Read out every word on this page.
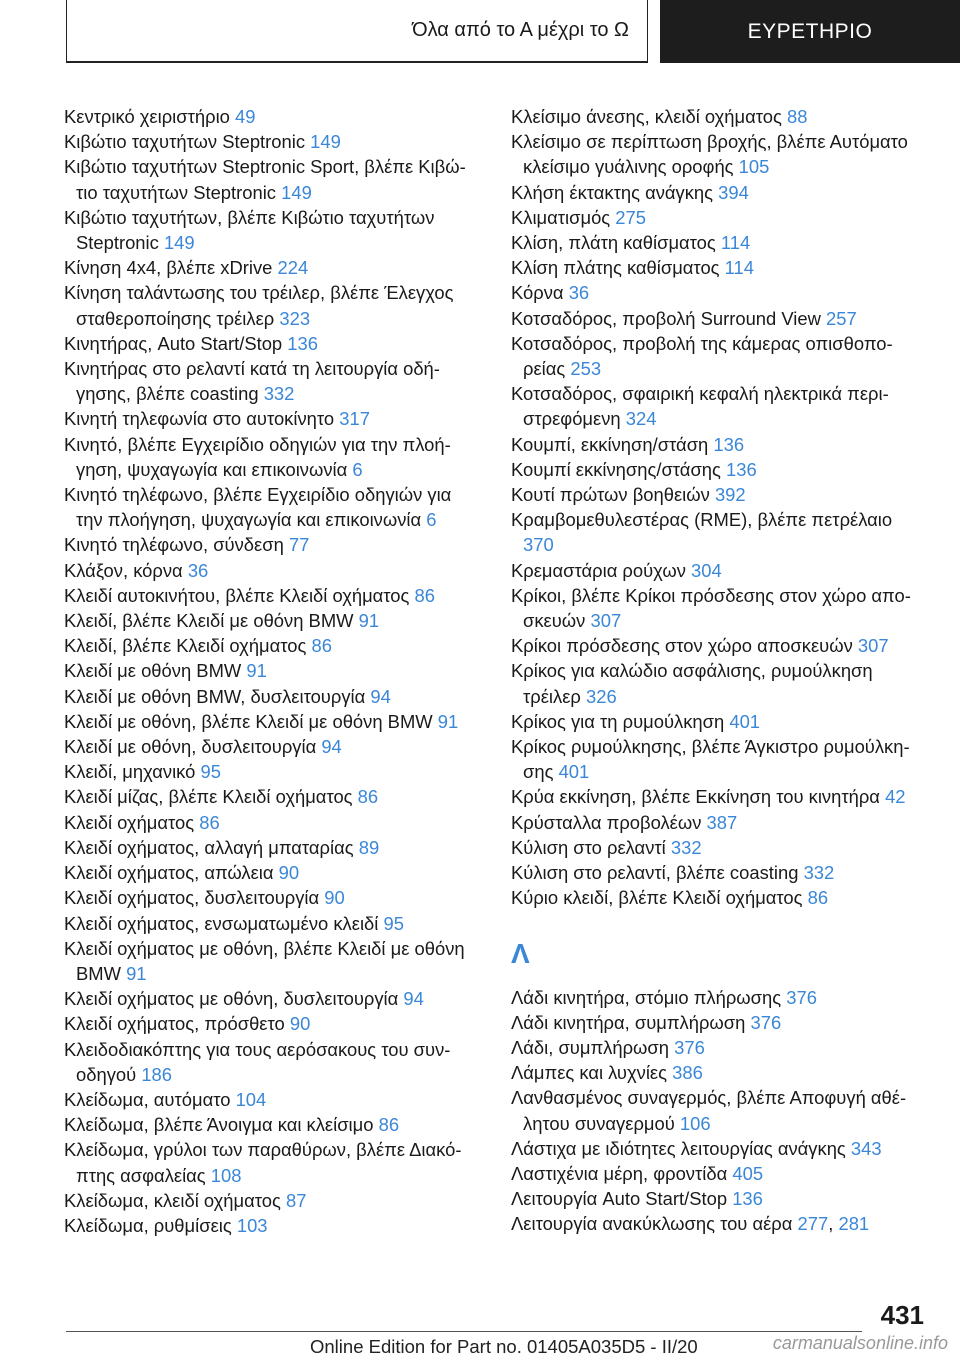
Όλα από το Α μέχρι το Ω	ΕΥΡΕΤΗΡΙΟ
Κεντρικό χειριστήριο 49
Κιβώτιο ταχυτήτων Steptronic 149
Κιβώτιο ταχυτήτων Steptronic Sport, βλέπε Κιβώτιο ταχυτήτων Steptronic 149
Κιβώτιο ταχυτήτων, βλέπε Κιβώτιο ταχυτήτων Steptronic 149
Κίνηση 4x4, βλέπε xDrive 224
Κίνηση ταλάντωσης του τρέιλερ, βλέπε Έλεγχος σταθεροποίησης τρέιλερ 323
Κινητήρας, Auto Start/Stop 136
Κινητήρας στο ρελαντί κατά τη λειτουργία οδήγησης, βλέπε coasting 332
Κινητή τηλεφωνία στο αυτοκίνητο 317
Κινητό, βλέπε Εγχειρίδιο οδηγιών για την πλοήγηση, ψυχαγωγία και επικοινωνία 6
Κινητό τηλέφωνο, βλέπε Εγχειρίδιο οδηγιών για την πλοήγηση, ψυχαγωγία και επικοινωνία 6
Κινητό τηλέφωνο, σύνδεση 77
Κλάξον, κόρνα 36
Κλειδί αυτοκινήτου, βλέπε Κλειδί οχήματος 86
Κλειδί, βλέπε Κλειδί με οθόνη BMW 91
Κλειδί, βλέπε Κλειδί οχήματος 86
Κλειδί με οθόνη BMW 91
Κλειδί με οθόνη BMW, δυσλειτουργία 94
Κλειδί με οθόνη, βλέπε Κλειδί με οθόνη BMW 91
Κλειδί με οθόνη, δυσλειτουργία 94
Κλειδί, μηχανικό 95
Κλειδί μίζας, βλέπε Κλειδί οχήματος 86
Κλειδί οχήματος 86
Κλειδί οχήματος, αλλαγή μπαταρίας 89
Κλειδί οχήματος, απώλεια 90
Κλειδί οχήματος, δυσλειτουργία 90
Κλειδί οχήματος, ενσωματωμένο κλειδί 95
Κλειδί οχήματος με οθόνη, βλέπε Κλειδί με οθόνη BMW 91
Κλειδί οχήματος με οθόνη, δυσλειτουργία 94
Κλειδί οχήματος, πρόσθετο 90
Κλειδοδιακόπτης για τους αερόσακους του συνοδηγού 186
Κλείδωμα, αυτόματο 104
Κλείδωμα, βλέπε Άνοιγμα και κλείσιμο 86
Κλείδωμα, γρύλοι των παραθύρων, βλέπε Διακόπτης ασφαλείας 108
Κλείδωμα, κλειδί οχήματος 87
Κλείδωμα, ρυθμίσεις 103
Κλείσιμο άνεσης, κλειδί οχήματος 88
Κλείσιμο σε περίπτωση βροχής, βλέπε Αυτόματο κλείσιμο γυάλινης οροφής 105
Κλήση έκτακτης ανάγκης 394
Κλιματισμός 275
Κλίση, πλάτη καθίσματος 114
Κλίση πλάτης καθίσματος 114
Κόρνα 36
Κοτσαδόρος, προβολή Surround View 257
Κοτσαδόρος, προβολή της κάμερας οπισθοπορείας 253
Κοτσαδόρος, σφαιρική κεφαλή ηλεκτρικά περιστρεφόμενη 324
Κουμπί, εκκίνηση/στάση 136
Κουμπί εκκίνησης/στάσης 136
Κουτί πρώτων βοηθειών 392
Κραμβομεθυλεστέρας (RME), βλέπε πετρέλαιο 370
Κρεμαστάρια ρούχων 304
Κρίκοι, βλέπε Κρίκοι πρόσδεσης στον χώρο αποσκευών 307
Κρίκοι πρόσδεσης στον χώρο αποσκευών 307
Κρίκος για καλώδιο ασφάλισης, ρυμούλκηση τρέιλερ 326
Κρίκος για τη ρυμούλκηση 401
Κρίκος ρυμούλκησης, βλέπε Άγκιστρο ρυμούλκησης 401
Κρύα εκκίνηση, βλέπε Εκκίνηση του κινητήρα 42
Κρύσταλλα προβολέων 387
Κύλιση στο ρελαντί 332
Κύλιση στο ρελαντί, βλέπε coasting 332
Κύριο κλειδί, βλέπε Κλειδί οχήματος 86
Λ
Λάδι κινητήρα, στόμιο πλήρωσης 376
Λάδι κινητήρα, συμπλήρωση 376
Λάδι, συμπλήρωση 376
Λάμπες και λυχνίες 386
Λανθασμένος συναγερμός, βλέπε Αποφυγή αθέλητου συναγερμού 106
Λάστιχα με ιδιότητες λειτουργίας ανάγκης 343
Λαστιχένια μέρη, φροντίδα 405
Λειτουργία Auto Start/Stop 136
Λειτουργία ανακύκλωσης του αέρα 277, 281
431
Online Edition for Part no. 01405A035D5 - II/20	carmanualsonline.info
